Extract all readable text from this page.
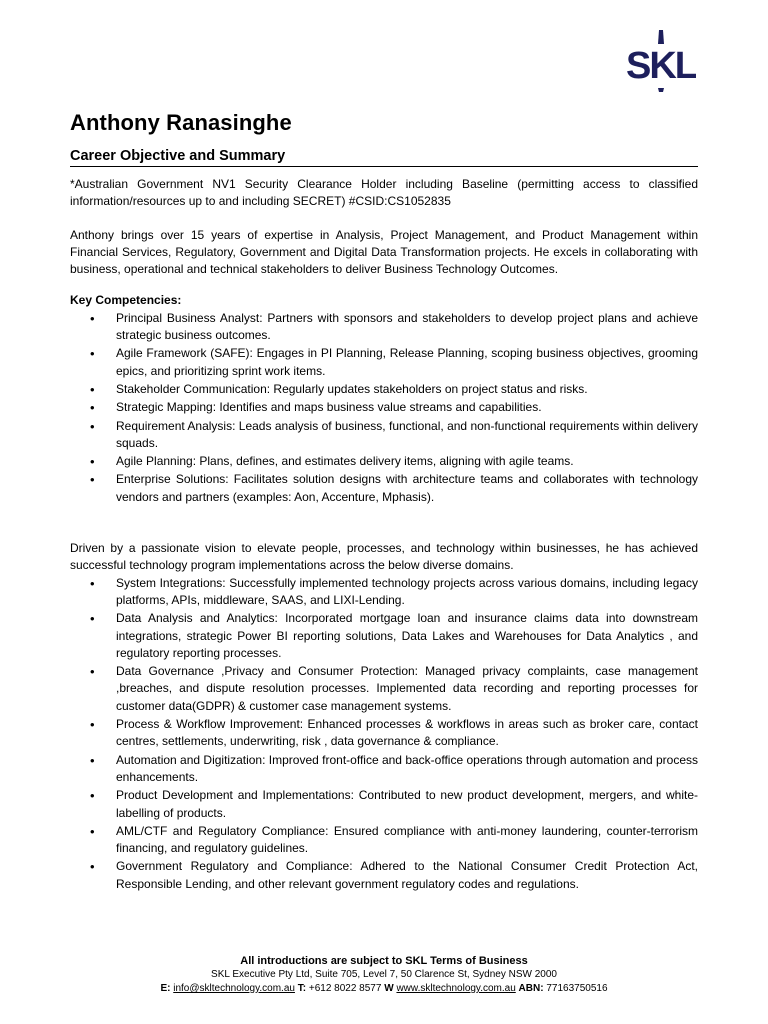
SKL
Anthony Ranasinghe
Career Objective and Summary

*Australian Government NV1 Security Clearance Holder including Baseline (permitting access to classified information/resources up to and including SECRET) #CSID:CS1052835

Anthony brings over 15 years of expertise in Analysis, Project Management, and Product Management within Financial Services, Regulatory, Government and Digital Data Transformation projects. He excels in collaborating with business, operational and technical stakeholders to deliver Business Technology Outcomes.

Key Competencies:

• Principal Business Analyst: Partners with sponsors and stakeholders to develop project plans and achieve strategic business outcomes.
• Agile Framework (SAFE): Engages in PI Planning, Release Planning, scoping business objectives, grooming epics, and prioritizing sprint work items.
• Stakeholder Communication: Regularly updates stakeholders on project status and risks.
• Strategic Mapping: Identifies and maps business value streams and capabilities.
• Requirement Analysis: Leads analysis of business, functional, and non-functional requirements within delivery squads.
• Agile Planning: Plans, defines, and estimates delivery items, aligning with agile teams.
• Enterprise Solutions: Facilitates solution designs with architecture teams and collaborates with technology vendors and partners (examples: Aon, Accenture, Mphasis).

Driven by a passionate vision to elevate people, processes, and technology within businesses, he has achieved successful technology program implementations across the below diverse domains.

• System Integrations: Successfully implemented technology projects across various domains, including legacy platforms, APIs, middleware, SAAS, and LIXI-Lending.
• Data Analysis and Analytics: Incorporated mortgage loan and insurance claims data into downstream integrations, strategic Power BI reporting solutions, Data Lakes and Warehouses for Data Analytics , and regulatory reporting processes.
• Data Governance ,Privacy and Consumer Protection: Managed privacy complaints, case management ,breaches, and dispute resolution processes. Implemented data recording and reporting processes for customer data(GDPR) & customer case management systems.
• Process & Workflow Improvement: Enhanced processes & workflows in areas such as broker care, contact centres, settlements, underwriting, risk , data governance & compliance.
• Automation and Digitization: Improved front-office and back-office operations through automation and process enhancements.
• Product Development and Implementations: Contributed to new product development, mergers, and white-labelling of products.
• AML/CTF and Regulatory Compliance: Ensured compliance with anti-money laundering, counter-terrorism financing, and regulatory guidelines.
• Government Regulatory and Compliance: Adhered to the National Consumer Credit Protection Act, Responsible Lending, and other relevant government regulatory codes and regulations.
All introductions are subject to SKL Terms of Business
SKL Executive Pty Ltd, Suite 705, Level 7, 50 Clarence St, Sydney NSW 2000
E: info@skltechnology.com.au T: +612 8022 8577 W www.skltechnology.com.au ABN: 77163750516
